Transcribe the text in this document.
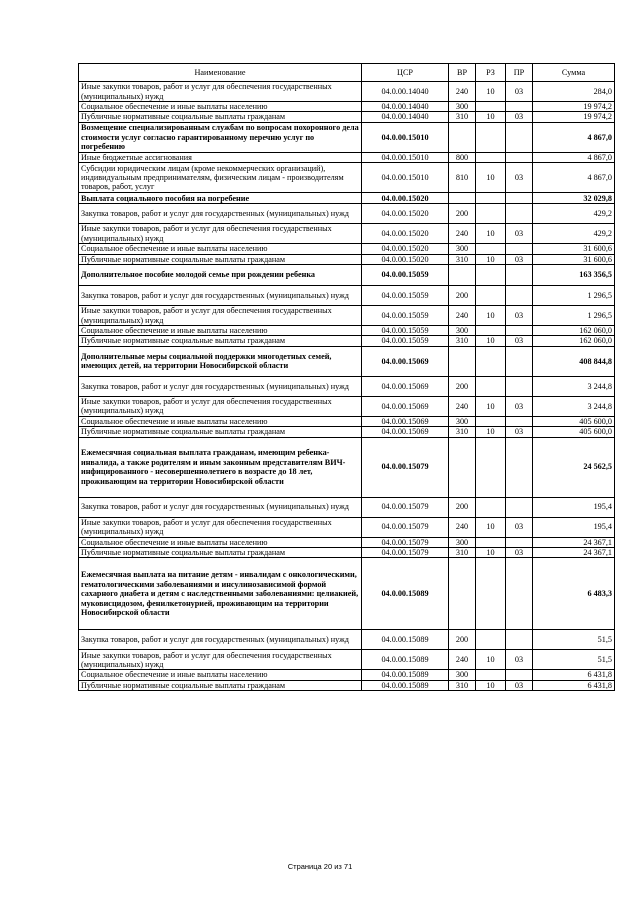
Наименование	ЦСР	ВР	РЗ	ПР	Сумма
Иные закупки товаров, работ и услуг для обеспечения государственных (муниципальных) нужд	04.0.00.14040	240	10	03	284,0
Социальное обеспечение и иные выплаты населению	04.0.00.14040	300			19 974,2
Публичные нормативные социальные выплаты гражданам	04.0.00.14040	310	10	03	19 974,2
Возмещение специализированным службам по вопросам похоронного дела стоимости услуг согласно гарантированному перечню услуг по погребению	04.0.00.15010				4 867,0
Иные бюджетные ассигнования	04.0.00.15010	800			4 867,0
Субсидии юридическим лицам (кроме некоммерческих организаций), индивидуальным предпринимателям, физическим лицам - производителям товаров, работ, услуг	04.0.00.15010	810	10	03	4 867,0
Выплата социального пособия на погребение	04.0.00.15020				32 029,8
Закупка товаров, работ и услуг для государственных (муниципальных) нужд	04.0.00.15020	200			429,2
Иные закупки товаров, работ и услуг для обеспечения государственных (муниципальных) нужд	04.0.00.15020	240	10	03	429,2
Социальное обеспечение и иные выплаты населению	04.0.00.15020	300			31 600,6
Публичные нормативные социальные выплаты гражданам	04.0.00.15020	310	10	03	31 600,6
Дополнительное пособие молодой семье при рождении ребенка	04.0.00.15059				163 356,5
Закупка товаров, работ и услуг для государственных (муниципальных) нужд	04.0.00.15059	200			1 296,5
Иные закупки товаров, работ и услуг для обеспечения государственных (муниципальных) нужд	04.0.00.15059	240	10	03	1 296,5
Социальное обеспечение и иные выплаты населению	04.0.00.15059	300			162 060,0
Публичные нормативные социальные выплаты гражданам	04.0.00.15059	310	10	03	162 060,0
Дополнительные меры социальной поддержки многодетных семей, имеющих детей, на территории Новосибирской области	04.0.00.15069				408 844,8
Закупка товаров, работ и услуг для государственных (муниципальных) нужд	04.0.00.15069	200			3 244,8
Иные закупки товаров, работ и услуг для обеспечения государственных (муниципальных) нужд	04.0.00.15069	240	10	03	3 244,8
Социальное обеспечение и иные выплаты населению	04.0.00.15069	300			405 600,0
Публичные нормативные социальные выплаты гражданам	04.0.00.15069	310	10	03	405 600,0
Ежемесячная социальная выплата гражданам, имеющим ребенка-инвалида, а также родителям и иным законным представителям ВИЧ-инфицированного - несовершеннолетнего в возрасте до 18 лет, проживающим на территории Новосибирской области	04.0.00.15079				24 562,5
Закупка товаров, работ и услуг для государственных (муниципальных) нужд	04.0.00.15079	200			195,4
Иные закупки товаров, работ и услуг для обеспечения государственных (муниципальных) нужд	04.0.00.15079	240	10	03	195,4
Социальное обеспечение и иные выплаты населению	04.0.00.15079	300			24 367,1
Публичные нормативные социальные выплаты гражданам	04.0.00.15079	310	10	03	24 367,1
Ежемесячная выплата на питание детям - инвалидам с онкологическими, гематологическими заболеваниями и инсулинозависимой формой сахарного диабета и детям с наследственными заболеваниями: целиакией, муковисцидозом, фенилкетонурией, проживающим на территории Новосибирской области	04.0.00.15089				6 483,3
Закупка товаров, работ и услуг для государственных (муниципальных) нужд	04.0.00.15089	200			51,5
Иные закупки товаров, работ и услуг для обеспечения государственных (муниципальных) нужд	04.0.00.15089	240	10	03	51,5
Социальное обеспечение и иные выплаты населению	04.0.00.15089	300			6 431,8
Публичные нормативные социальные выплаты гражданам	04.0.00.15089	310	10	03	6 431,8
Страница 20 из 71
